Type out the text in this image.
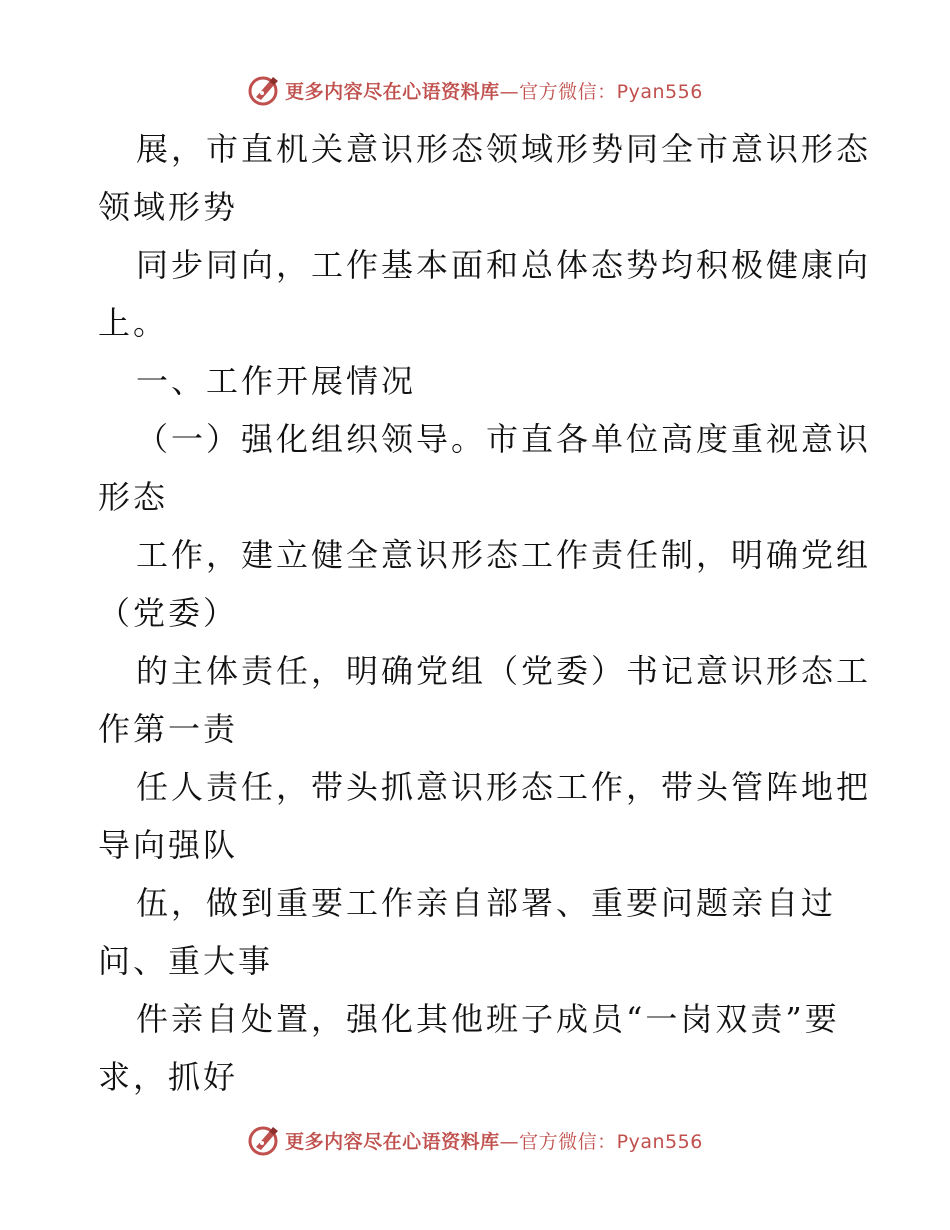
更多内容尽在心语资料库—官方微信：Pyan556
展，市直机关意识形态领域形势同全市意识形态
领域形势
同步同向，工作基本面和总体态势均积极健康向
上。
一、工作开展情况
（一）强化组织领导。市直各单位高度重视意识
形态
工作，建立健全意识形态工作责任制，明确党组
（党委）
的主体责任，明确党组（党委）书记意识形态工
作第一责
任人责任，带头抓意识形态工作，带头管阵地把
导向强队
伍，做到重要工作亲自部署、重要问题亲自过
问、重大事
件亲自处置，强化其他班子成员“一岗双责”要
求，抓好
更多内容尽在心语资料库—官方微信：Pyan556
